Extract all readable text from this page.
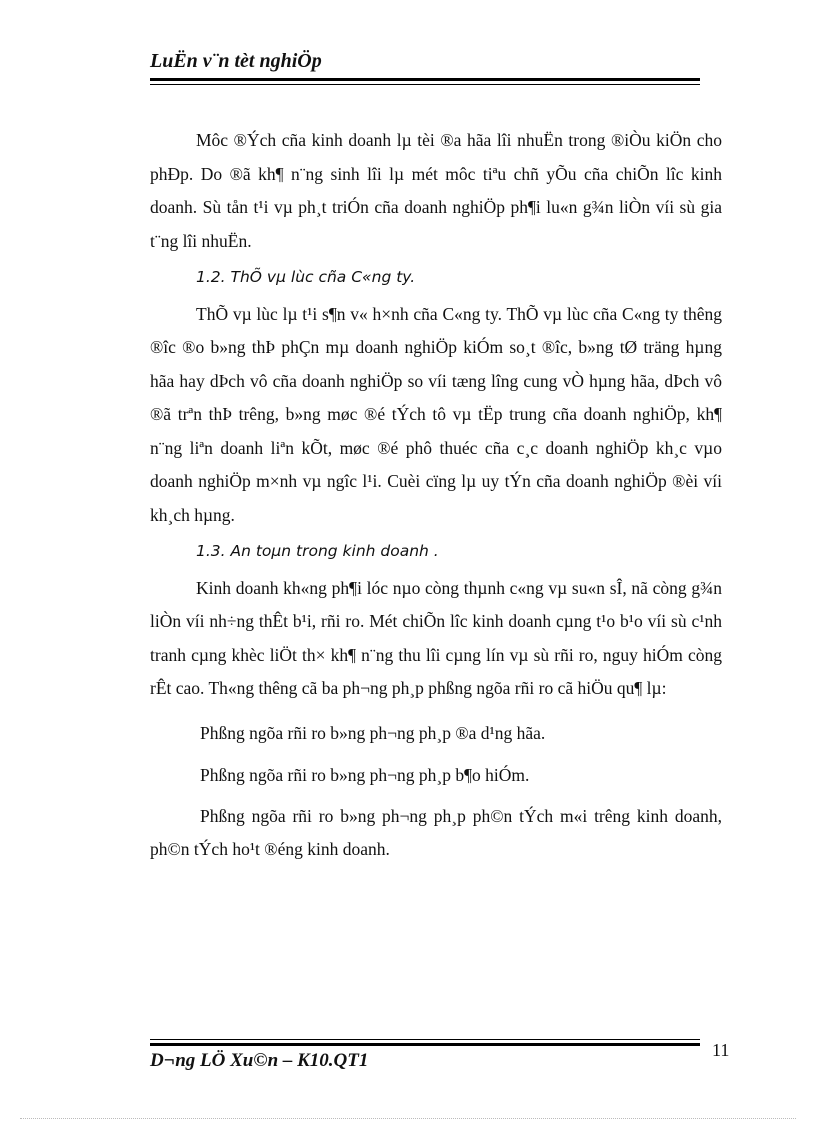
LuËn v¨n tèt nghiÖp

Môc ®Ých cña kinh doanh lµ tèi ®a hãa lîi nhuËn trong ®iÒu kiÖn cho phÐp. Do ®ã kh¶ n¨ng sinh lîi lµ mét môc tiªu chñ yÕu cña chiÕn lîc kinh doanh. Sù tån t¹i vµ ph¸t triÓn cña doanh nghiÖp ph¶i lu«n g¾n liÒn víi sù gia t¨ng lîi nhuËn.

1.2. ThÕ vµ lùc cña C«ng ty.

ThÕ vµ lùc lµ t¹i s¶n v« h×nh cña C«ng ty. ThÕ vµ lùc cña C«ng ty thêng ®îc ®o b»ng thÞ phÇn mµ doanh nghiÖp kiÓm so¸t ®îc, b»ng tØ träng hµng hãa hay dÞch vô cña doanh nghiÖp so víi tæng lîng cung vÒ hµng hãa, dÞch vô ®ã trªn thÞ trêng, b»ng møc ®é tÝch tô vµ tËp trung cña doanh nghiÖp, kh¶ n¨ng liªn doanh liªn kÕt, møc ®é phô thuéc cña c¸c doanh nghiÖp kh¸c vµo doanh nghiÖp m×nh vµ ngîc l¹i. Cuèi cïng lµ uy tÝn cña doanh nghiÖp ®èi víi kh¸ch hµng.

1.3. An toµn trong kinh doanh .

Kinh doanh kh«ng ph¶i lóc nµo còng thµnh c«ng vµ su«n sÎ, nã còng g¾n liÒn víi nh÷ng thÊt b¹i, rñi ro. Mét chiÕn lîc kinh doanh cµng t¹o b¹o víi sù c¹nh tranh cµng khèc liÖt th× kh¶ n¨ng thu lîi cµng lín vµ sù rñi ro, nguy hiÓm còng rÊt cao. Th«ng thêng cã ba ph¬ng ph¸p phßng ngõa rñi ro cã hiÖu qu¶ lµ:

Phßng ngõa rñi ro b»ng ph¬ng ph¸p ®a d¹ng hãa.

Phßng ngõa rñi ro b»ng ph¬ng ph¸p b¶o hiÓm.

Phßng ngõa rñi ro b»ng ph¬ng ph¸p ph©n tÝch m«i trêng kinh doanh, ph©n tÝch ho¹t ®éng kinh doanh.

D¬ng LÖ Xu©n – K10.QT1	11
